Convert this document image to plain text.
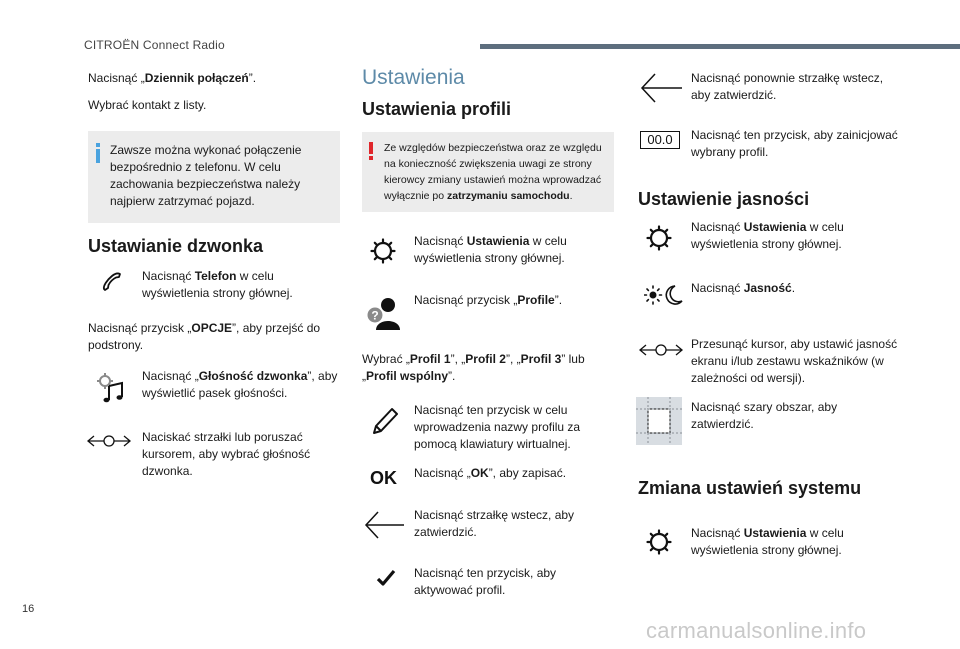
CITROËN Connect Radio
Nacisnąć „Dziennik połączeń”.
Wybrać kontakt z listy.
Zawsze można wykonać połączenie bezpośrednio z telefonu. W celu zachowania bezpieczeństwa należy najpierw zatrzymać pojazd.
Ustawianie dzwonka
Nacisnąć Telefon w celu wyświetlenia strony głównej.
Nacisnąć przycisk „OPCJE”, aby przejść do podstrony.
Nacisnąć „Głośność dzwonka”, aby wyświetlić pasek głośności.
Naciskać strzałki lub poruszać kursorem, aby wybrać głośność dzwonka.
Ustawienia
Ustawienia profili
Ze względów bezpieczeństwa oraz ze względu na konieczność zwiększenia uwagi ze strony kierowcy zmiany ustawień można wprowadzać wyłącznie po zatrzymaniu samochodu.
Nacisnąć Ustawienia w celu wyświetlenia strony głównej.
?
Nacisnąć przycisk „Profile”.
Wybrać „Profil 1”, „Profil 2”, „Profil 3” lub „Profil wspólny”.
Nacisnąć ten przycisk w celu wprowadzenia nazwy profilu za pomocą klawiatury wirtualnej.
OK Nacisnąć „OK”, aby zapisać.
Nacisnąć strzałkę wstecz, aby zatwierdzić.
Nacisnąć ten przycisk, aby aktywować profil.
Nacisnąć ponownie strzałkę wstecz, aby zatwierdzić.
00.0	Nacisnąć ten przycisk, aby zainicjować wybrany profil.
Ustawienie jasności
Nacisnąć Ustawienia w celu wyświetlenia strony głównej.
Nacisnąć Jasność.
Przesunąć kursor, aby ustawić jasność ekranu i/lub zestawu wskaźników (w zależności od wersji).
Nacisnąć szary obszar, aby zatwierdzić.
Zmiana ustawień systemu
Nacisnąć Ustawienia w celu wyświetlenia strony głównej.
16
carmanualsonline.info
